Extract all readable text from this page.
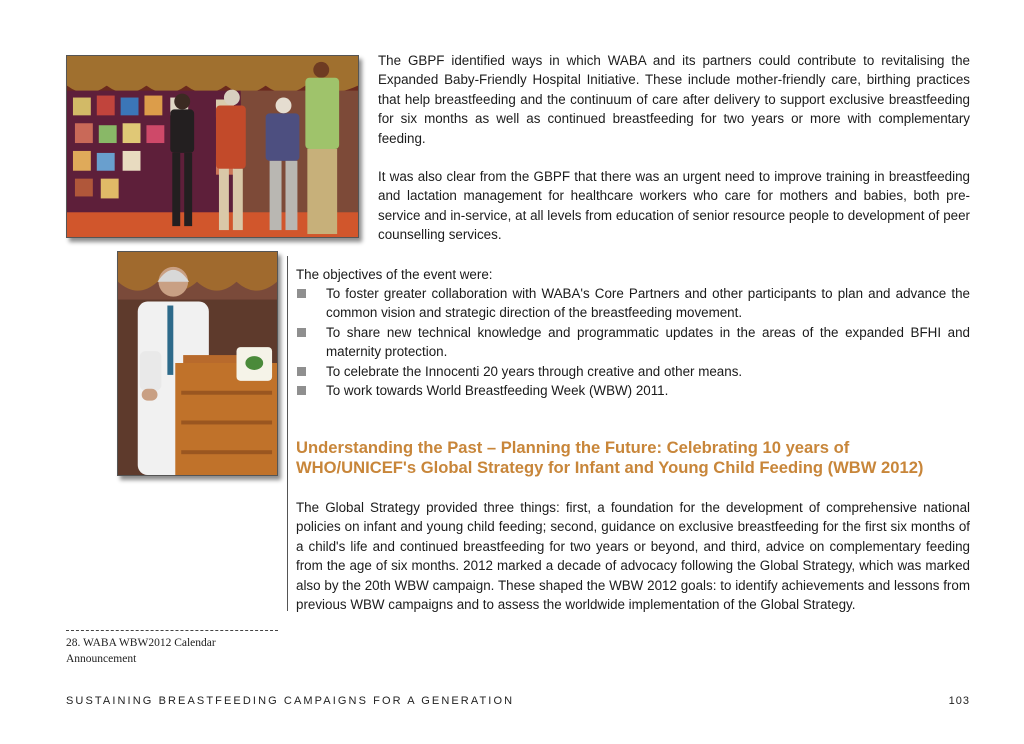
The GBPF identified ways in which WABA and its partners could contribute to revitalising the Expanded Baby-Friendly Hospital Initiative. These include mother-friendly care, birthing practices that help breastfeeding and the continuum of care after delivery to support exclusive breastfeeding for six months as well as continued breastfeeding for two years or more with complementary feeding.

It was also clear from the GBPF that there was an urgent need to improve training in breastfeeding and lactation management for healthcare workers who care for mothers and babies, both pre-service and in-service, at all levels from education of senior resource people to development of peer counselling services.

The objectives of the event were:

To foster greater collaboration with WABA's Core Partners and other participants to plan and advance the common vision and strategic direction of the breastfeeding movement.
To share new technical knowledge and programmatic updates in the areas of the expanded BFHI and maternity protection.
To celebrate the Innocenti 20 years through creative and other means.
To work towards World Breastfeeding Week (WBW) 2011.
Understanding the Past – Planning the Future: Celebrating 10 years of WHO/UNICEF's Global Strategy for Infant and Young Child Feeding (WBW 2012)

The Global Strategy provided three things: first, a foundation for the development of comprehensive national policies on infant and young child feeding; second, guidance on exclusive breastfeeding for the first six months of a child's life and continued breastfeeding for two years or beyond, and third, advice on complementary feeding from the age of six months. 2012 marked a decade of advocacy following the Global Strategy, which was marked also by the 20th WBW campaign. These shaped the WBW 2012 goals: to identify achievements and lessons from previous WBW campaigns and to assess the worldwide implementation of the Global Strategy.

28. WABA WBW2012 Calendar Announcement
SUSTAINING BREASTFEEDING CAMPAIGNS FOR A GENERATION	103
